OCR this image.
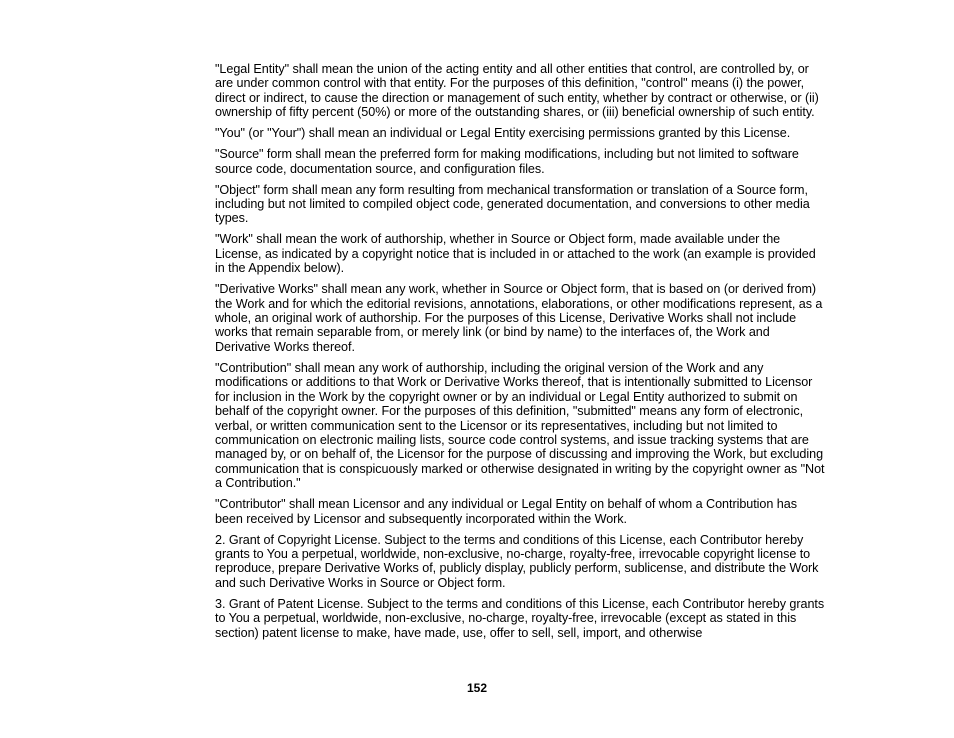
"Legal Entity" shall mean the union of the acting entity and all other entities that control, are controlled by, or are under common control with that entity. For the purposes of this definition, "control" means (i) the power, direct or indirect, to cause the direction or management of such entity, whether by contract or otherwise, or (ii) ownership of fifty percent (50%) or more of the outstanding shares, or (iii) beneficial ownership of such entity.

"You" (or "Your") shall mean an individual or Legal Entity exercising permissions granted by this License.

"Source" form shall mean the preferred form for making modifications, including but not limited to software source code, documentation source, and configuration files.

"Object" form shall mean any form resulting from mechanical transformation or translation of a Source form, including but not limited to compiled object code, generated documentation, and conversions to other media types.

"Work" shall mean the work of authorship, whether in Source or Object form, made available under the License, as indicated by a copyright notice that is included in or attached to the work (an example is provided in the Appendix below).

"Derivative Works" shall mean any work, whether in Source or Object form, that is based on (or derived from) the Work and for which the editorial revisions, annotations, elaborations, or other modifications represent, as a whole, an original work of authorship. For the purposes of this License, Derivative Works shall not include works that remain separable from, or merely link (or bind by name) to the interfaces of, the Work and Derivative Works thereof.

"Contribution" shall mean any work of authorship, including the original version of the Work and any modifications or additions to that Work or Derivative Works thereof, that is intentionally submitted to Licensor for inclusion in the Work by the copyright owner or by an individual or Legal Entity authorized to submit on behalf of the copyright owner. For the purposes of this definition, "submitted" means any form of electronic, verbal, or written communication sent to the Licensor or its representatives, including but not limited to communication on electronic mailing lists, source code control systems, and issue tracking systems that are managed by, or on behalf of, the Licensor for the purpose of discussing and improving the Work, but excluding communication that is conspicuously marked or otherwise designated in writing by the copyright owner as "Not a Contribution."

"Contributor" shall mean Licensor and any individual or Legal Entity on behalf of whom a Contribution has been received by Licensor and subsequently incorporated within the Work.

2. Grant of Copyright License. Subject to the terms and conditions of this License, each Contributor hereby grants to You a perpetual, worldwide, non-exclusive, no-charge, royalty-free, irrevocable copyright license to reproduce, prepare Derivative Works of, publicly display, publicly perform, sublicense, and distribute the Work and such Derivative Works in Source or Object form.

3. Grant of Patent License. Subject to the terms and conditions of this License, each Contributor hereby grants to You a perpetual, worldwide, non-exclusive, no-charge, royalty-free, irrevocable (except as stated in this section) patent license to make, have made, use, offer to sell, sell, import, and otherwise

152
